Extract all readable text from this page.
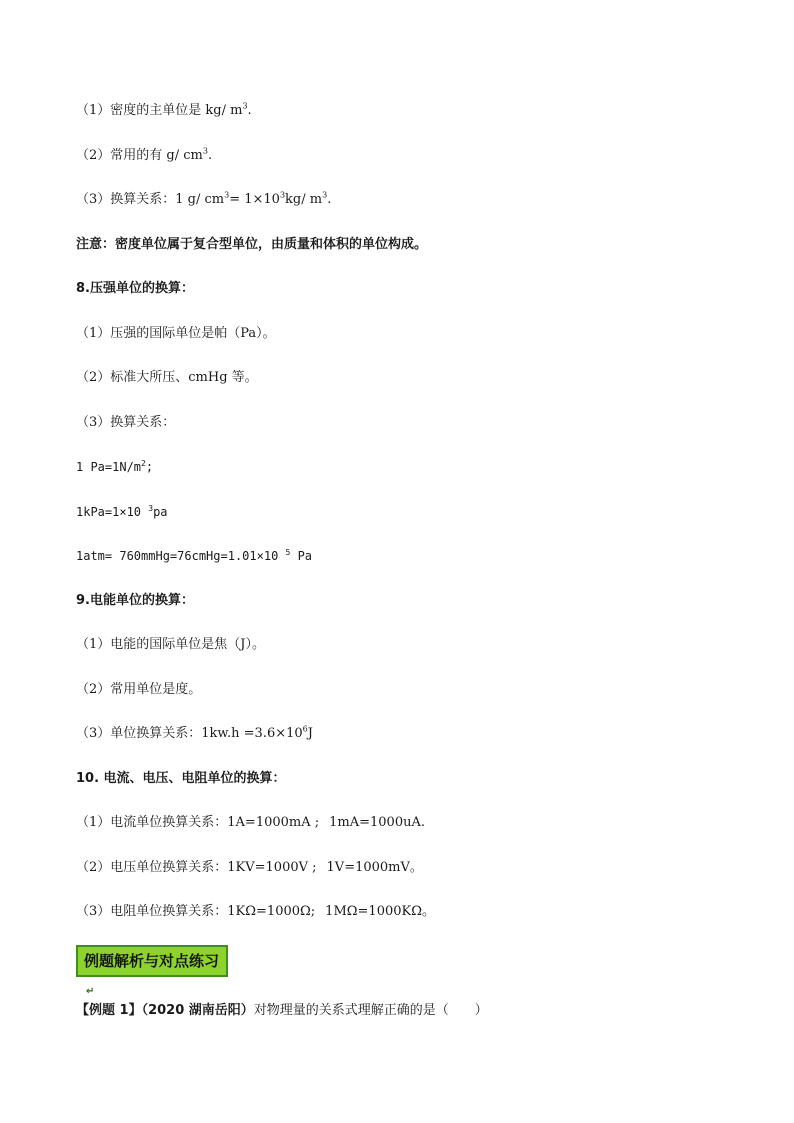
（1）密度的主单位是 kg/ $m^3$.
（2）常用的有 g/ $cm^3$.
（3）换算关系：1 g/ $cm^3= 1\times 10^3kg/$ $m^3$.
注意：密度单位属于复合型单位，由质量和体积的单位构成。
8.压强单位的换算：
（1）压强的国际单位是帕（Pa）。
（2）标准大所压、cmHg 等。
（3）换算关系：
1 $Pa=1N/m^2$;
1kPa=1×10 $^3$pa
1atm= 760mmHg=76cmHg=1.01×10 $^5$ Pa
9.电能单位的换算：
（1）电能的国际单位是焦（J）。
（2）常用单位是度。
（3）单位换算关系：$1kw.h =3.6\times 10^6J$
10. 电流、电压、电阻单位的换算：
（1）电流单位换算关系：1A=1000mA ; 1mA=1000uA.
（2）电压单位换算关系：1KV=1000V ; 1V=1000mV。
（3）电阻单位换算关系：1KΩ=1000Ω; 1MΩ=1000KΩ。
例题解析与对点练习↵
【例题 1】（2020 湖南岳阳）对物理量的关系式理解正确的是（　　）
